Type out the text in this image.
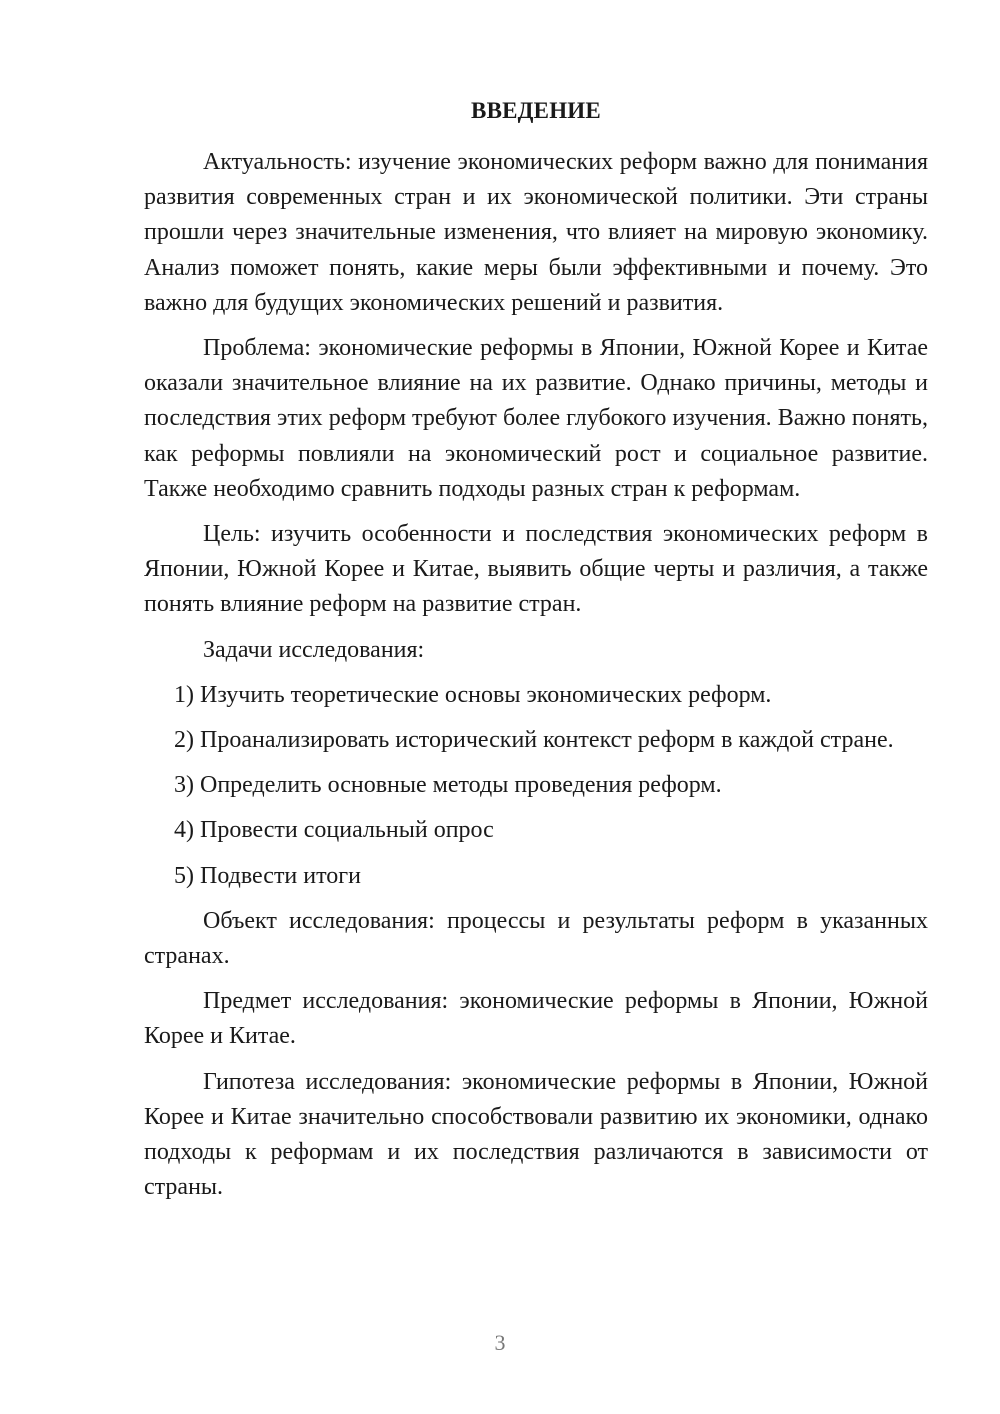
ВВЕДЕНИЕ

Актуальность: изучение экономических реформ важно для понимания развития современных стран и их экономической политики. Эти страны прошли через значительные изменения, что влияет на мировую экономику. Анализ поможет понять, какие меры были эффективными и почему. Это важно для будущих экономических решений и развития.

Проблема: экономические реформы в Японии, Южной Корее и Китае оказали значительное влияние на их развитие. Однако причины, методы и последствия этих реформ требуют более глубокого изучения. Важно понять, как реформы повлияли на экономический рост и социальное развитие. Также необходимо сравнить подходы разных стран к реформам.

Цель: изучить особенности и последствия экономических реформ в Японии, Южной Корее и Китае, выявить общие черты и различия, а также понять влияние реформ на развитие стран.

Задачи исследования:

1) Изучить теоретические основы экономических реформ.
2) Проанализировать исторический контекст реформ в каждой стране.
3) Определить основные методы проведения реформ.
4) Провести социальный опрос
5) Подвести итоги

Объект исследования: процессы и результаты реформ в указанных странах.

Предмет исследования: экономические реформы в Японии, Южной Корее и Китае.

Гипотеза исследования: экономические реформы в Японии, Южной Корее и Китае значительно способствовали развитию их экономики, однако подходы к реформам и их последствия различаются в зависимости от страны.

3
